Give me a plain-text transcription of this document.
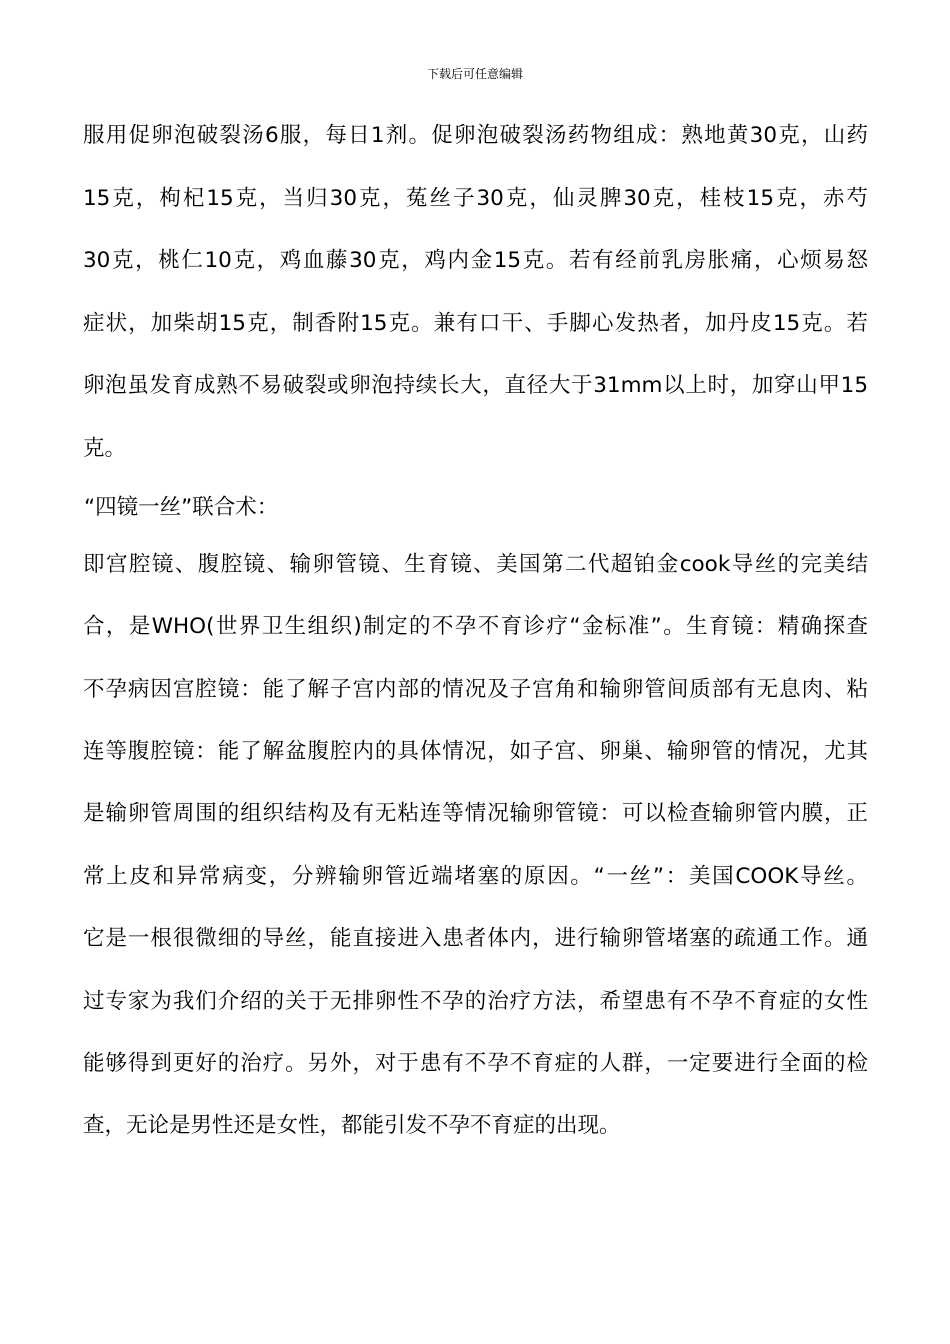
下载后可任意编辑
服用促卵泡破裂汤6服，每日1剂。促卵泡破裂汤药物组成：熟地黄30克，山药
15克，枸杞15克，当归30克，菟丝子30克，仙灵脾30克，桂枝15克，赤芍
30克，桃仁10克，鸡血藤30克，鸡内金15克。若有经前乳房胀痛，心烦易怒
症状，加柴胡15克，制香附15克。兼有口干、手脚心发热者，加丹皮15克。若
卵泡虽发育成熟不易破裂或卵泡持续长大，直径大于31mm以上时，加穿山甲15
克。
“四镜一丝”联合术：
即宫腔镜、腹腔镜、输卵管镜、生育镜、美国第二代超铂金cook导丝的完美结
合，是WHO(世界卫生组织)制定的不孕不育诊疗“金标准”。生育镜：精确探查
不孕病因宫腔镜：能了解子宫内部的情况及子宫角和输卵管间质部有无息肉、粘
连等腹腔镜：能了解盆腹腔内的具体情况，如子宫、卵巢、输卵管的情况，尤其
是输卵管周围的组织结构及有无粘连等情况输卵管镜：可以检查输卵管内膜，正
常上皮和异常病变，分辨输卵管近端堵塞的原因。“一丝”：美国COOK导丝。
它是一根很微细的导丝，能直接进入患者体内，进行输卵管堵塞的疏通工作。通
过专家为我们介绍的关于无排卵性不孕的治疗方法，希望患有不孕不育症的女性
能够得到更好的治疗。另外，对于患有不孕不育症的人群，一定要进行全面的检
查，无论是男性还是女性，都能引发不孕不育症的出现。
